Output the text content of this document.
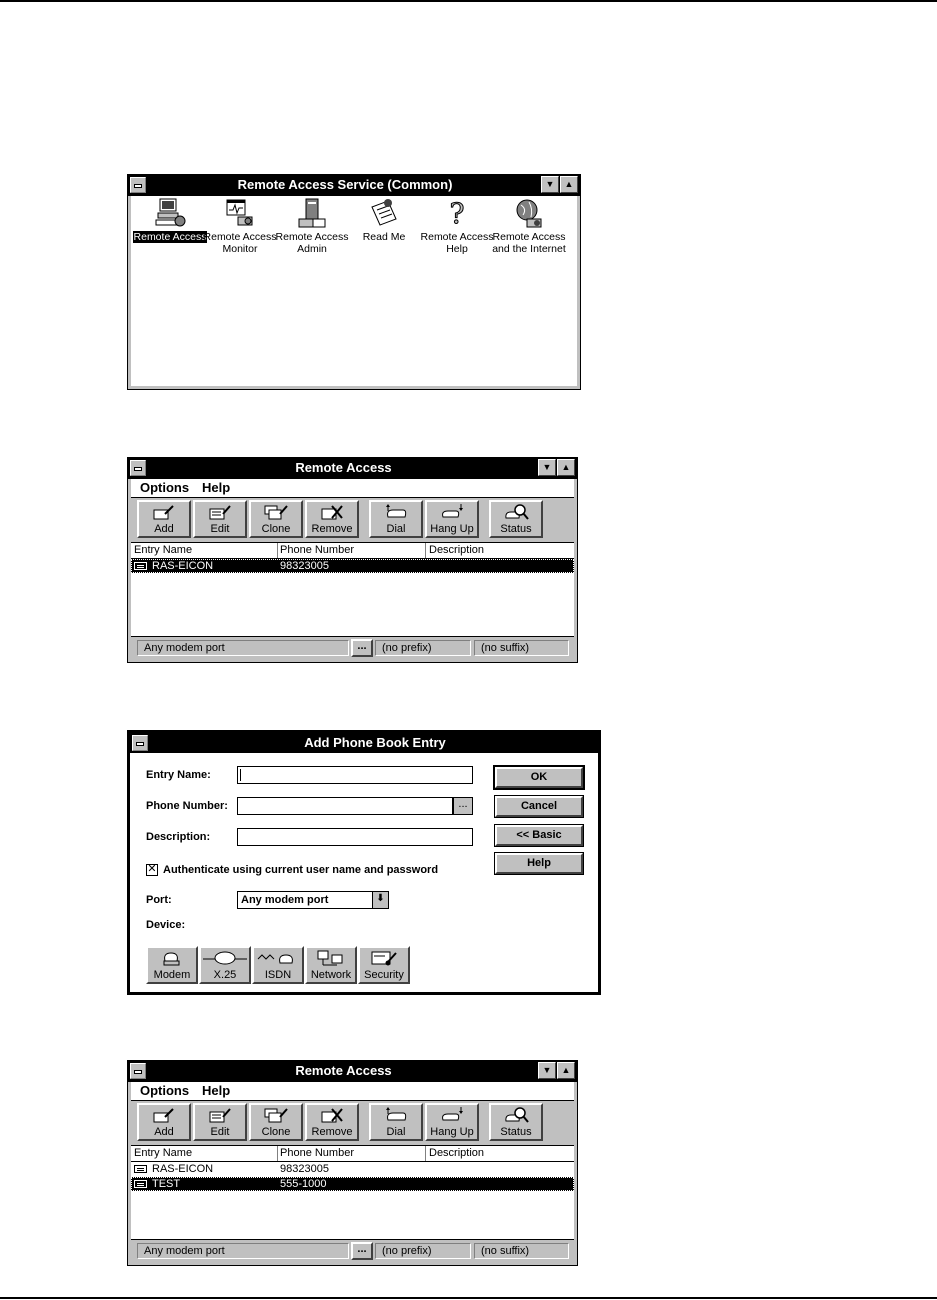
Remote Access Service (Common)	▼	▲
Remote Access
Remote Access Monitor
Remote Access Admin
Read Me
?
Remote Access Help
Remote Access and the Internet
Remote Access	▼	▲
Options Help
Add	Edit	Clone	Remove	Dial	Hang Up	Status
Entry Name	Phone Number	Description
RAS-EICON	98323005
Any modem port	...	(no prefix)	(no suffix)
Add Phone Book Entry
Entry Name:
Phone Number:	...
Description:
✕ Authenticate using current user name and password
Port:	Any modem port	⬇
Device:
OK
Cancel
<< Basic
Help
Modem	X.25	ISDN	Network	Security
Remote Access	▼	▲
Options Help
Add	Edit	Clone	Remove	Dial	Hang Up	Status
Entry Name	Phone Number	Description
RAS-EICON	98323005
TEST	555-1000
Any modem port	...	(no prefix)	(no suffix)
